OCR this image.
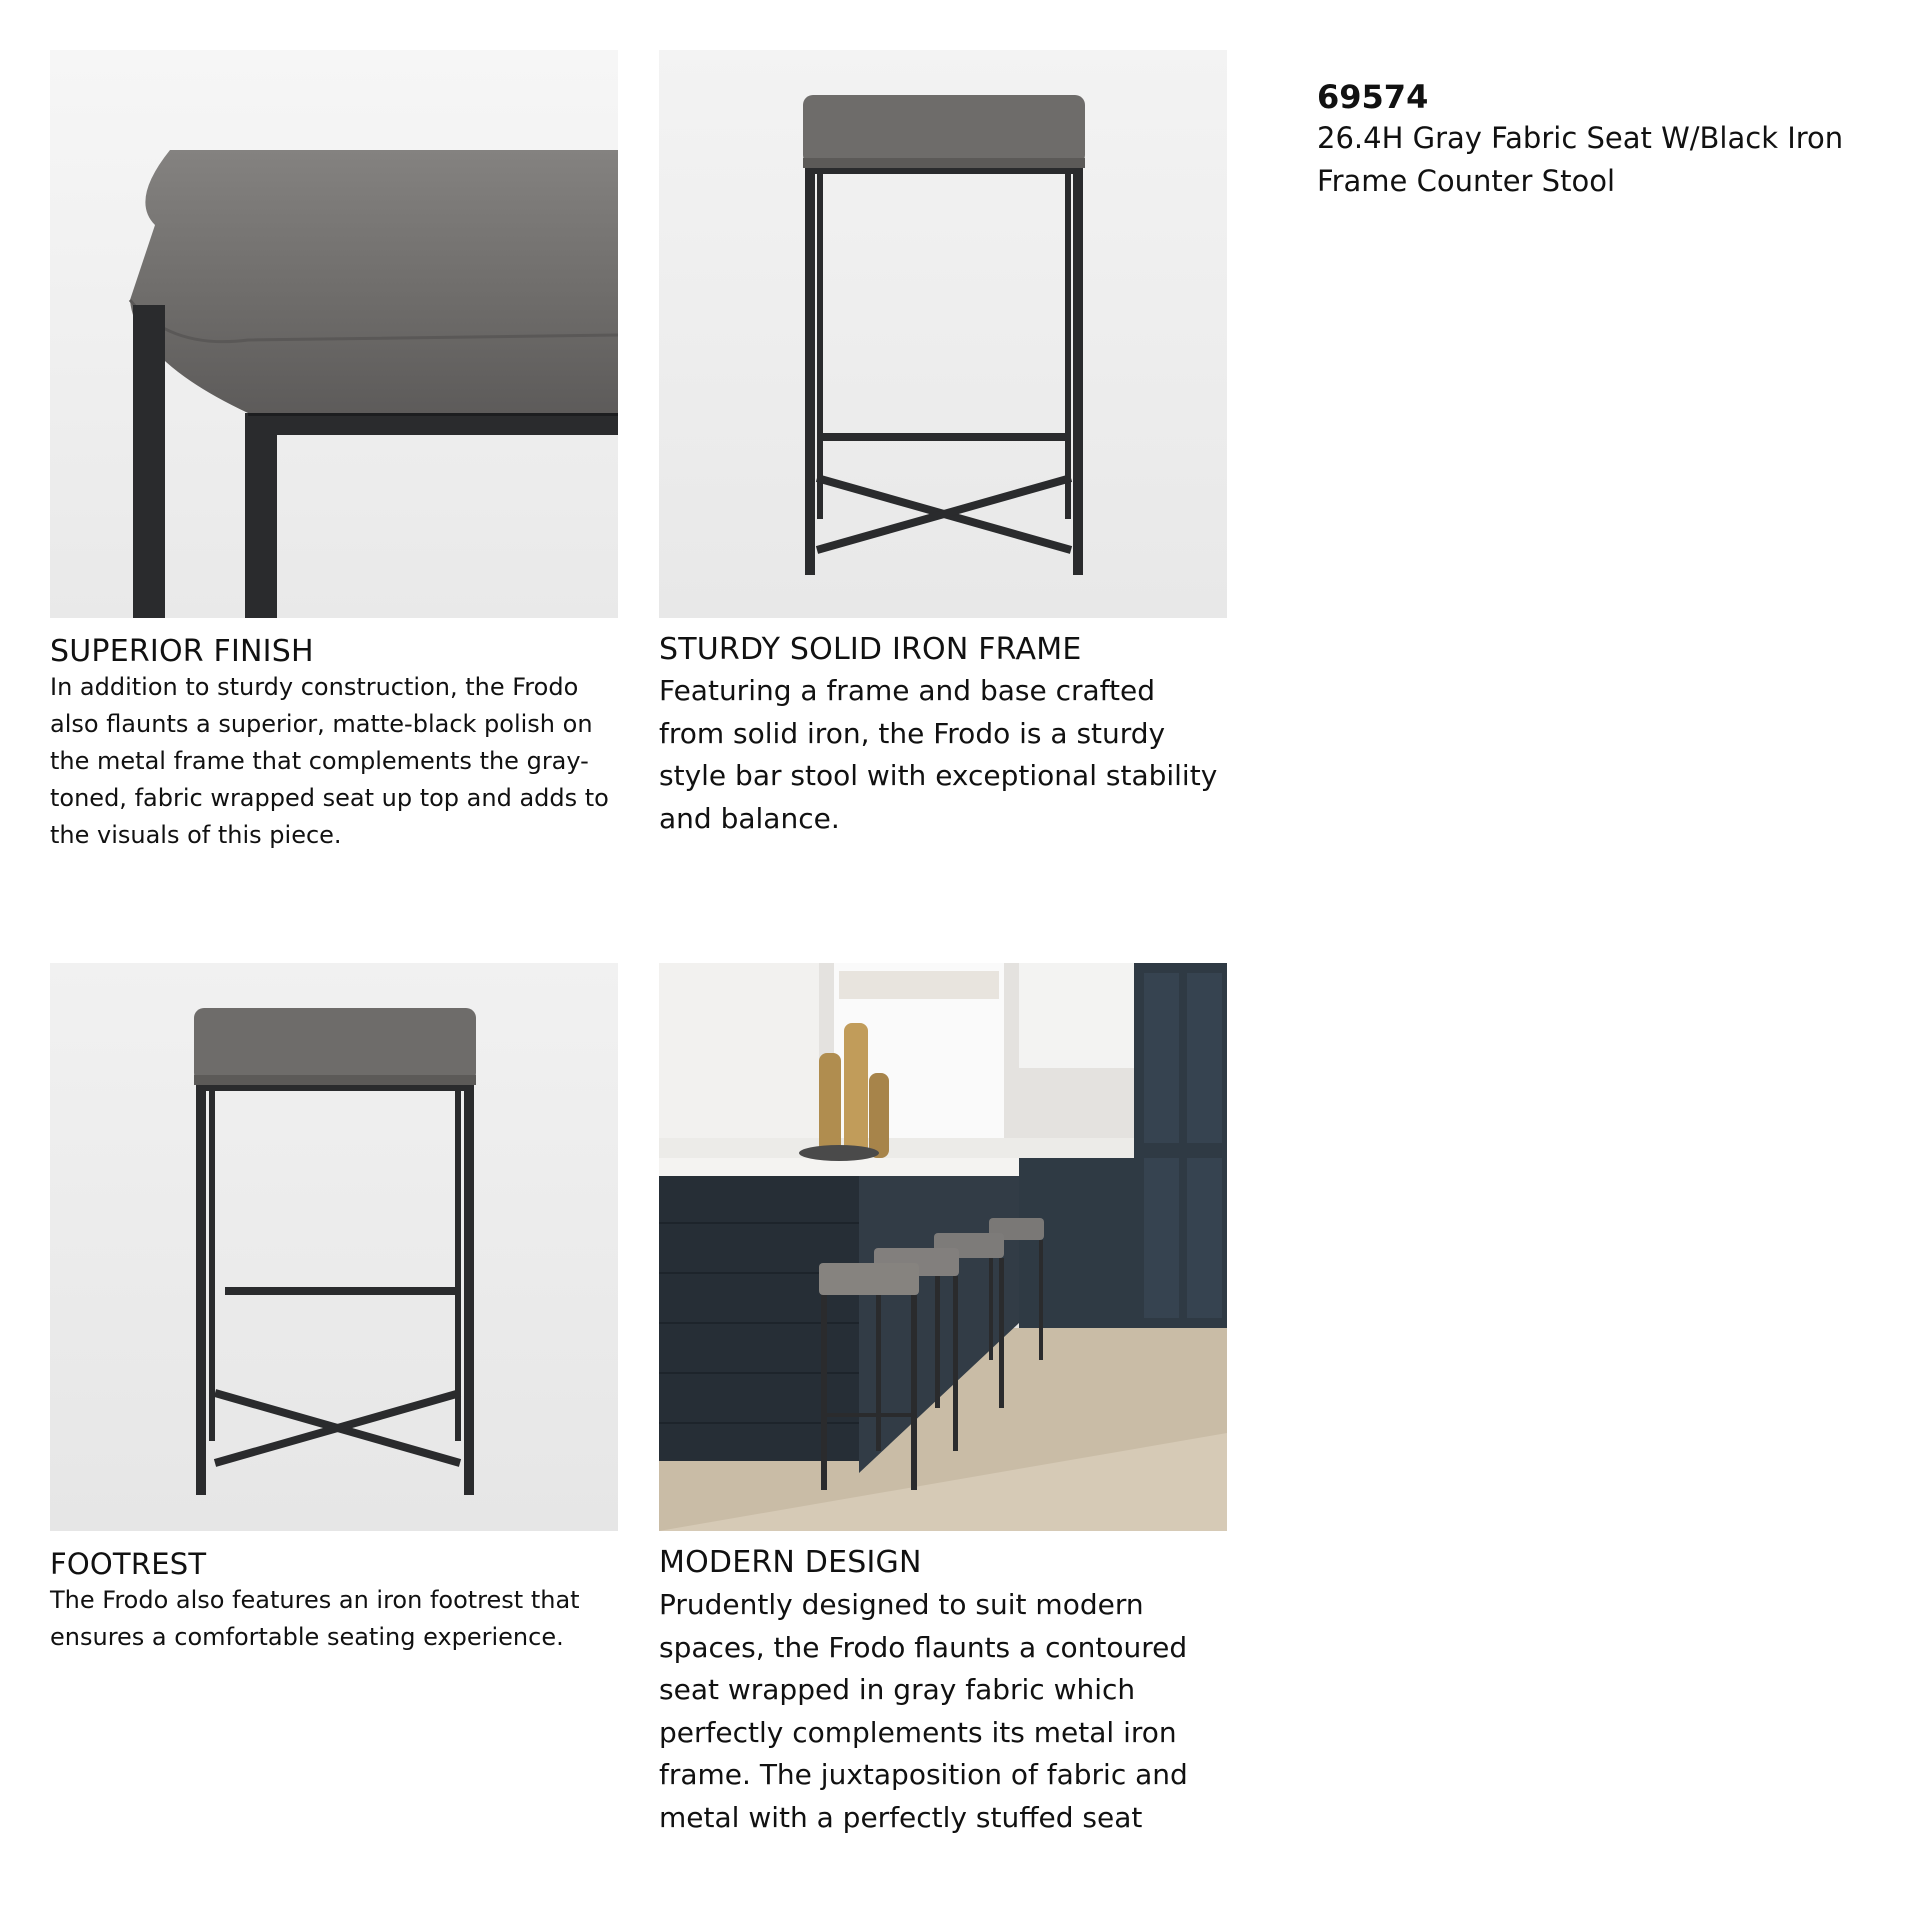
SUPERIOR FINISH
In addition to sturdy construction, the Frodo also flaunts a superior, matte-black polish on the metal frame that complements the gray-toned, fabric wrapped seat up top and adds to the visuals of this piece.
STURDY SOLID IRON FRAME
Featuring a frame and base crafted from solid iron, the Frodo is a sturdy style bar stool with exceptional stability and balance.
FOOTREST
The Frodo also features an iron footrest that ensures a comfortable seating experience.
MODERN DESIGN
Prudently designed to suit modern spaces, the Frodo flaunts a contoured seat wrapped in gray fabric which perfectly complements its metal iron frame. The juxtaposition of fabric and metal with a perfectly stuffed seat
69574
26.4H Gray Fabric Seat W/Black Iron Frame Counter Stool
